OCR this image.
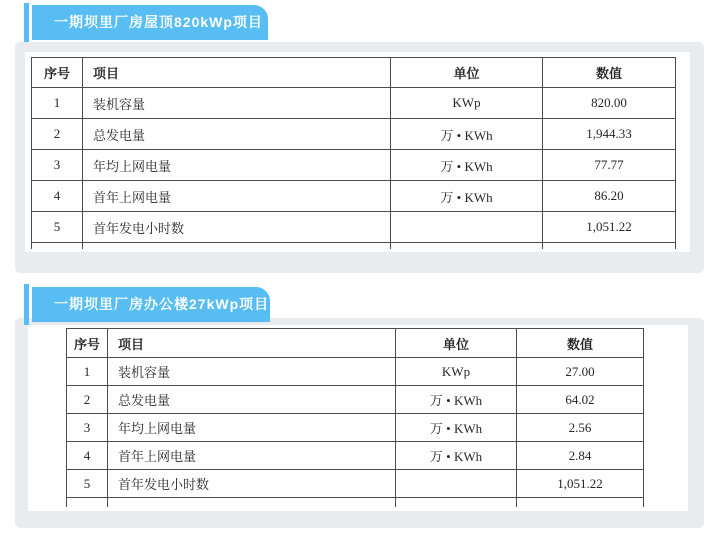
一期坝里厂房屋顶820kWp项目
序号	项目	单位	数值
1	装机容量	KWp	820.00
2	总发电量	万 • KWh	1,944.33
3	年均上网电量	万 • KWh	77.77
4	首年上网电量	万 • KWh	86.20
5	首年发电小时数		1,051.22

一期坝里厂房办公楼27kWp项目
序号	项目	单位	数值
1	装机容量	KWp	27.00
2	总发电量	万 • KWh	64.02
3	年均上网电量	万 • KWh	2.56
4	首年上网电量	万 • KWh	2.84
5	首年发电小时数		1,051.22
